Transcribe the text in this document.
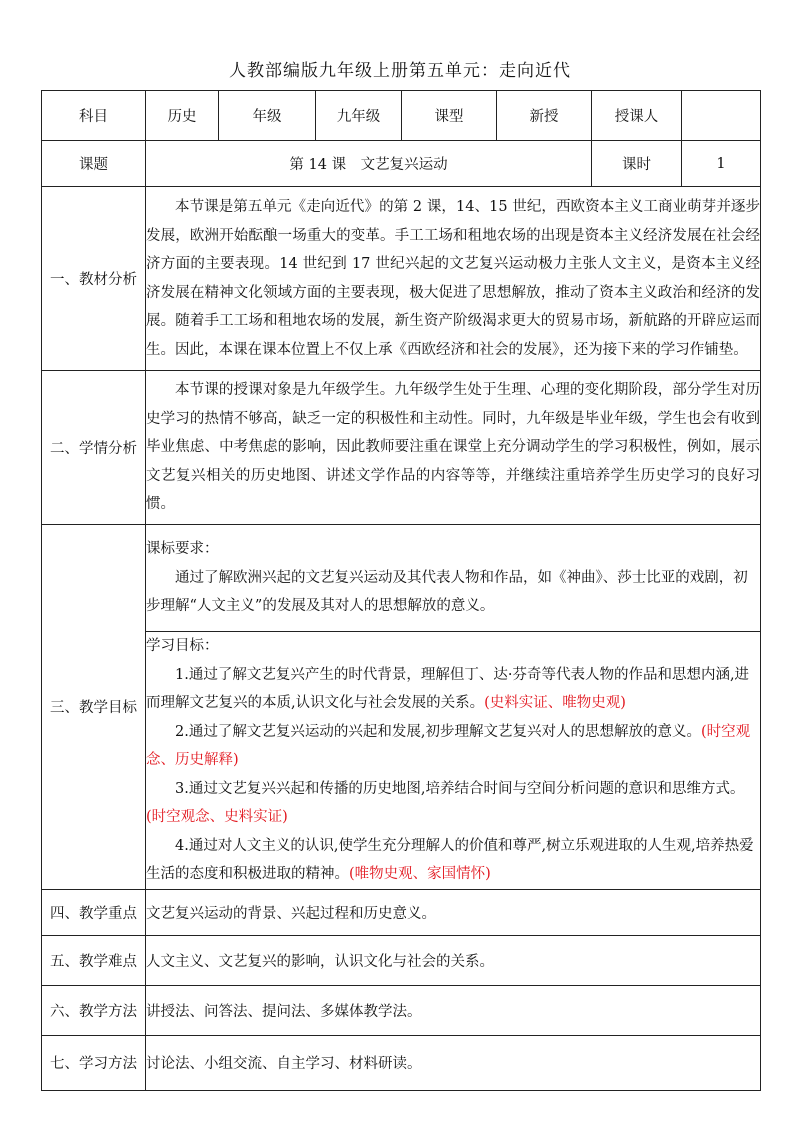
人教部编版九年级上册第五单元：走向近代
科目	历史	年级	九年级	课型	新授	授课人	
课题	第 14 课　文艺复兴运动					课时	1
一、教材分析	本节课是第五单元《走向近代》的第 2 课，14、15 世纪，西欧资本主义工商业萌芽并逐步发展，欧洲开始酝酿一场重大的变革。手工工场和租地农场的出现是资本主义经济发展在社会经济方面的主要表现。14 世纪到 17 世纪兴起的文艺复兴运动极力主张人文主义，是资本主义经济发展在精神文化领域方面的主要表现，极大促进了思想解放，推动了资本主义政治和经济的发展。随着手工工场和租地农场的发展，新生资产阶级渴求更大的贸易市场，新航路的开辟应运而生。因此，本课在课本位置上不仅上承《西欧经济和社会的发展》，还为接下来的学习作铺垫。						

二、学情分析	本节课的授课对象是九年级学生。九年级学生处于生理、心理的变化期阶段，部分学生对历史学习的热情不够高，缺乏一定的积极性和主动性。同时，九年级是毕业年级，学生也会有收到毕业焦虑、中考焦虑的影响，因此教师要注重在课堂上充分调动学生的学习积极性，例如，展示文艺复兴相关的历史地图、讲述文学作品的内容等等，并继续注重培养学生历史学习的良好习惯。						

三、教学目标	课标要求：

通过了解欧洲兴起的文艺复兴运动及其代表人物和作品，如《神曲》、莎士比亚的戏剧，初步理解“人文主义”的发展及其对人的思想解放的意义。						

	学习目标：

1.通过了解文艺复兴产生的时代背景，理解但丁、达·芬奇等代表人物的作品和思想内涵,进而理解文艺复兴的本质,认识文化与社会发展的关系。(史料实证、唯物史观)

2.通过了解文艺复兴运动的兴起和发展,初步理解文艺复兴对人的思想解放的意义。(时空观念、历史解释)

3.通过文艺复兴兴起和传播的历史地图,培养结合时间与空间分析问题的意识和思维方式。(时空观念、史料实证)

4.通过对人文主义的认识,使学生充分理解人的价值和尊严,树立乐观进取的人生观,培养热爱生活的态度和积极进取的精神。(唯物史观、家国情怀)						

四、教学重点	文艺复兴运动的背景、兴起过程和历史意义。						
五、教学难点	人文主义、文艺复兴的影响，认识文化与社会的关系。						
六、教学方法	讲授法、问答法、提问法、多媒体教学法。						
七、学习方法	讨论法、小组交流、自主学习、材料研读。						
